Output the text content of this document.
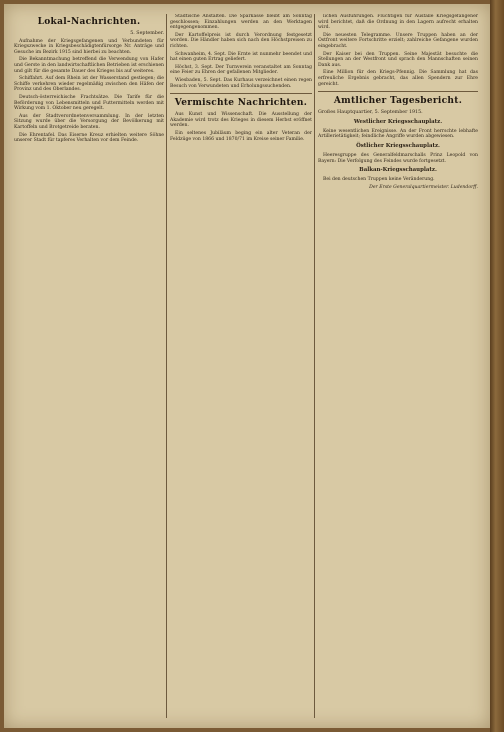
Lokal-Nachrichten.
5. September.

Aufnahme der Kriegsgefangenen und Verbundeten für Kriegszwecke in Kriegsbeschädigtenfürsorge Nr. Anträge und Gesuche im Bezirk 1915 sind hierbei zu beachten.

Die Bekanntmachung betreffend die Verwendung von Hafer und Gerste in den landwirtschaftlichen Betrieben ist erschienen und gilt für die gesamte Dauer des Krieges bis auf weiteres.

Schiffahrt. Auf dem Rhein ist der Wasserstand gestiegen; die Schiffe verkehren wieder regelmäßig zwischen den Häfen der Provinz und des Oberlandes.

Deutsch-österreichische Frachtsätze. Die Tarife für die Beförderung von Lebensmitteln und Futtermitteln werden mit Wirkung vom 1. Oktober neu geregelt.

Aus der Stadtverordnetenversammlung. In der letzten Sitzung wurde über die Versorgung der Bevölkerung mit Kartoffeln und Brotgetreide beraten.

Die Ehrentafel. Das Eiserne Kreuz erhielten weitere Söhne unserer Stadt für tapferes Verhalten vor dem Feinde.

Städtische Anstalten. Die Sparkasse bleibt am Sonntag geschlossen; Einzahlungen werden an den Werktagen entgegengenommen.

Der Kartoffelpreis ist durch Verordnung festgesetzt worden. Die Händler haben sich nach den Höchstpreisen zu richten.

Schwanheim, 4. Sept. Die Ernte ist nunmehr beendet und hat einen guten Ertrag geliefert.

Höchst, 3. Sept. Der Turnverein veranstaltet am Sonntag eine Feier zu Ehren der gefallenen Mitglieder.

Wiesbaden, 5. Sept. Das Kurhaus verzeichnet einen regen Besuch von Verwundeten und Erholungssuchenden.

Vermischte Nachrichten.

Aus Kunst und Wissenschaft. Die Ausstellung der Akademie wird trotz des Krieges in diesem Herbst eröffnet werden.

Ein seltenes Jubiläum beging ein alter Veteran der Feldzüge von 1866 und 1870/71 im Kreise seiner Familie.

lichen Ausführungen. Fluchtigen für Ausfälle Kriegsgefangener wird berichtet, daß die Ordnung in den Lagern aufrecht erhalten wird.

Die neuesten Telegramme. Unsere Truppen haben an der Ostfront weitere Fortschritte erzielt; zahlreiche Gefangene wurden eingebracht.

Der Kaiser bei den Truppen. Seine Majestät besuchte die Stellungen an der Westfront und sprach den Mannschaften seinen Dank aus.

Eine Million für den Kriegs-Pfennig. Die Sammlung hat das erfreuliche Ergebnis gebracht, das allen Spendern zur Ehre gereicht.

Amtlicher Tagesbericht.
Großes Hauptquartier, 5. September 1915.
Westlicher Kriegsschauplatz.

Keine wesentlichen Ereignisse. An der Front herrschte lebhafte Artillerietätigkeit; feindliche Angriffe wurden abgewiesen.

Östlicher Kriegsschauplatz.

Heeresgruppe des Generalfeldmarschalls Prinz Leopold von Bayern: Die Verfolgung des Feindes wurde fortgesetzt.

Balkan-Kriegsschauplatz.

Bei den deutschen Truppen keine Veränderung.

Der Erste Generalquartiermeister. Ludendorff.
